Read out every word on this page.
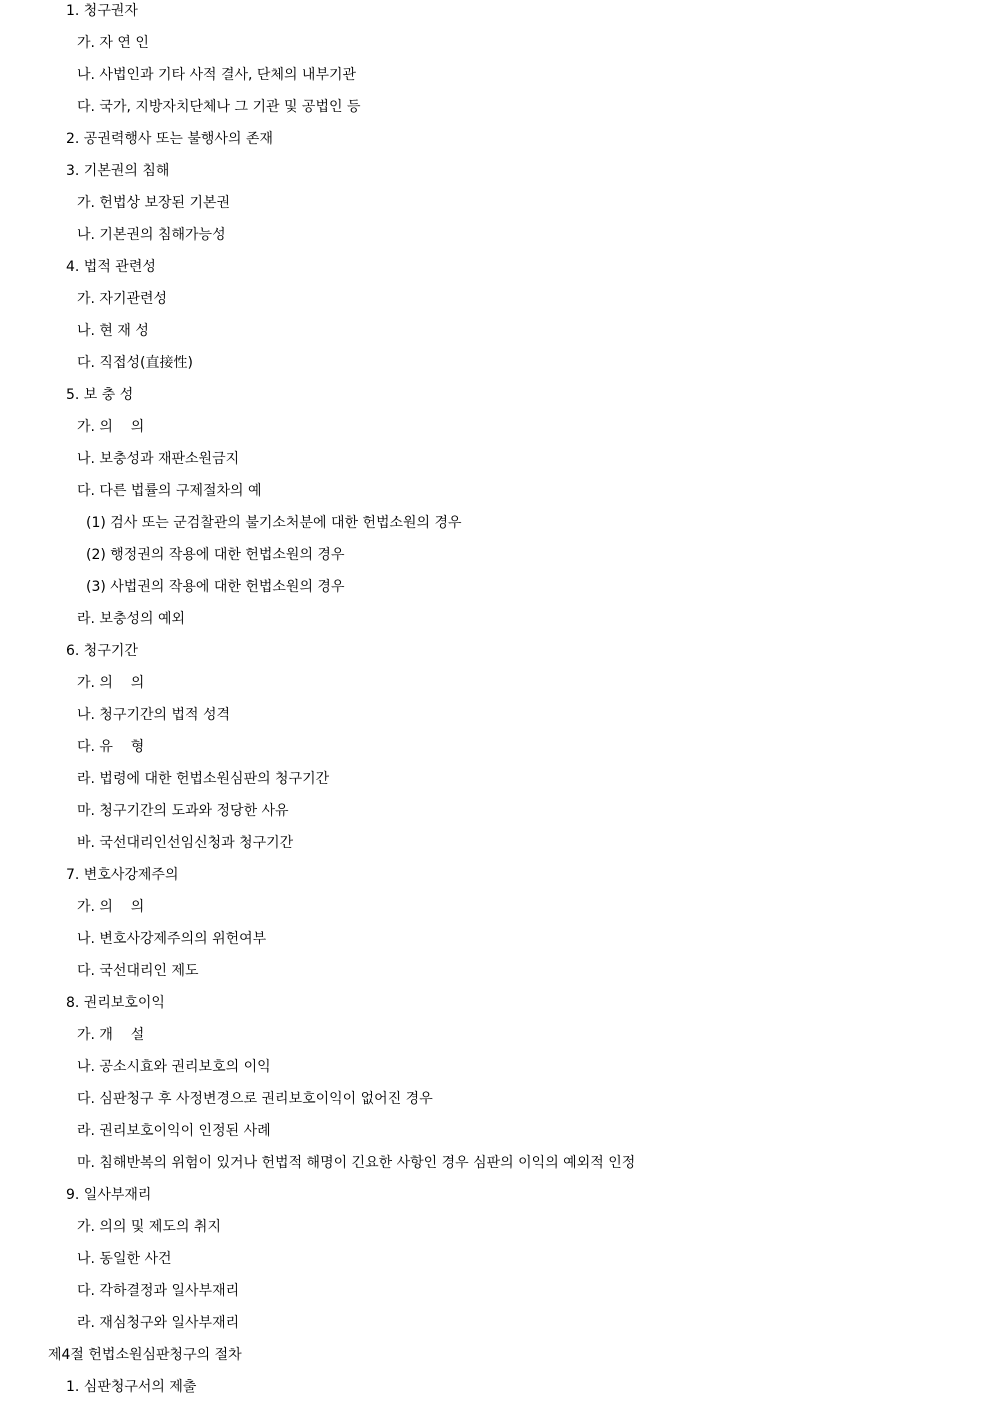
1. 청구권자
가. 자 연 인
나. 사법인과 기타 사적 결사, 단체의 내부기관
다. 국가, 지방자치단체나 그 기관 및 공법인 등
2. 공권력행사 또는 불행사의 존재
3. 기본권의 침해
가. 헌법상 보장된 기본권
나. 기본권의 침해가능성
4. 법적 관련성
가. 자기관련성
나. 현 재 성
다. 직접성(直接性)
5. 보 충 성
가. 의    의
나. 보충성과 재판소원금지
다. 다른 법률의 구제절차의 예
(1) 검사 또는 군검찰관의 불기소처분에 대한 헌법소원의 경우
(2) 행정권의 작용에 대한 헌법소원의 경우
(3) 사법권의 작용에 대한 헌법소원의 경우
라. 보충성의 예외
6. 청구기간
가. 의    의
나. 청구기간의 법적 성격
다. 유    형
라. 법령에 대한 헌법소원심판의 청구기간
마. 청구기간의 도과와 정당한 사유
바. 국선대리인선임신청과 청구기간
7. 변호사강제주의
가. 의    의
나. 변호사강제주의의 위헌여부
다. 국선대리인 제도
8. 권리보호이익
가. 개    설
나. 공소시효와 권리보호의 이익
다. 심판청구 후 사정변경으로 권리보호이익이 없어진 경우
라. 권리보호이익이 인정된 사례
마. 침해반복의 위험이 있거나 헌법적 해명이 긴요한 사항인 경우 심판의 이익의 예외적 인정
9. 일사부재리
가. 의의 및 제도의 취지
나. 동일한 사건
다. 각하결정과 일사부재리
라. 재심청구와 일사부재리
제4절 헌법소원심판청구의 절차
1. 심판청구서의 제출
